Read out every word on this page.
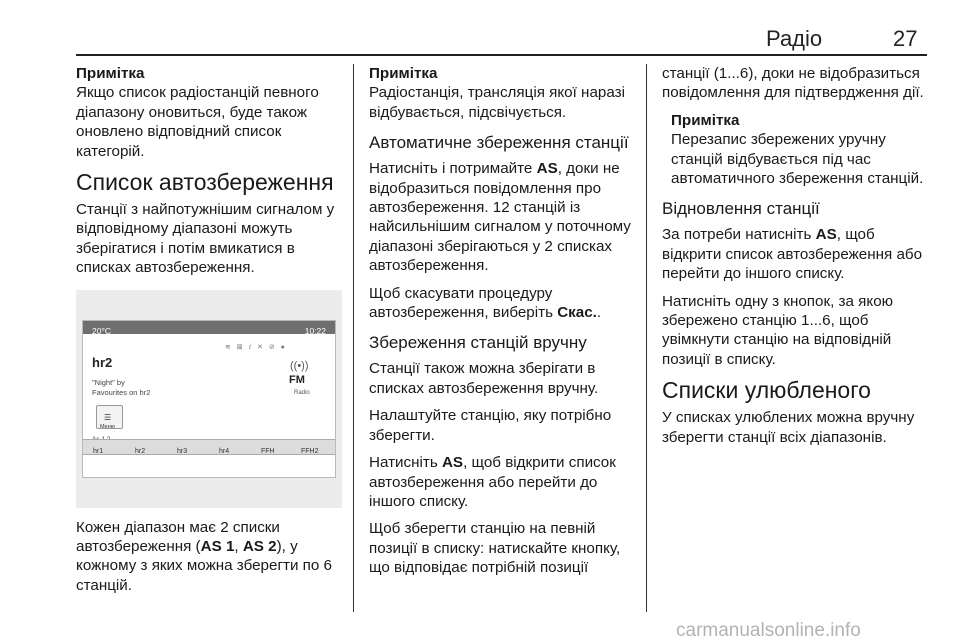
Радіо	27
Примітка
Якщо список радіостанцій певного діапазону оновиться, буде також оновлено відповідний список категорій.
Список автозбереження

Станції з найпотужнішим сигналом у відповідному діапазоні можуть зберігатися і потім вмикатися в списках автозбереження.

20°C	10:22
≋ ⊠ ⅈ ✕ ⊘ ●
hr2
"Night" by
Favourites on hr2
((•))
FM
Radio
☰
Меню
hr1	hr2	hr3	hr4	FFH	FFH2

Кожен діапазон має 2 списки автозбереження (AS 1, AS 2), у кожному з яких можна зберегти по 6 станцій.

Примітка
Радіостанція, трансляція якої наразі відбувається, підсвічується.
Автоматичне збереження станції

Натисніть і потримайте AS, доки не відобразиться повідомлення про автозбереження. 12 станцій із найсильнішим сигналом у поточному діапазоні зберігаються у 2 списках автозбереження.

Щоб скасувати процедуру автозбереження, виберіть Скас..

Збереження станцій вручну

Станції також можна зберігати в списках автозбереження вручну.

Налаштуйте станцію, яку потрібно зберегти.

Натисніть AS, щоб відкрити список автозбереження або перейти до іншого списку.

Щоб зберегти станцію на певній позиції в списку: натискайте кнопку, що відповідає потрібній позиції

станції (1...6), доки не відобразиться повідомлення для підтвердження дії.

Примітка
Перезапис збережених уручну станцій відбувається під час автоматичного збереження станцій.
Відновлення станції

За потреби натисніть AS, щоб відкрити список автозбереження або перейти до іншого списку.

Натисніть одну з кнопок, за якою збережено станцію 1...6, щоб увімкнути станцію на відповідній позиції в списку.

Списки улюбленого

У списках улюблених можна вручну зберегти станції всіх діапазонів.

carmanualsonline.info
